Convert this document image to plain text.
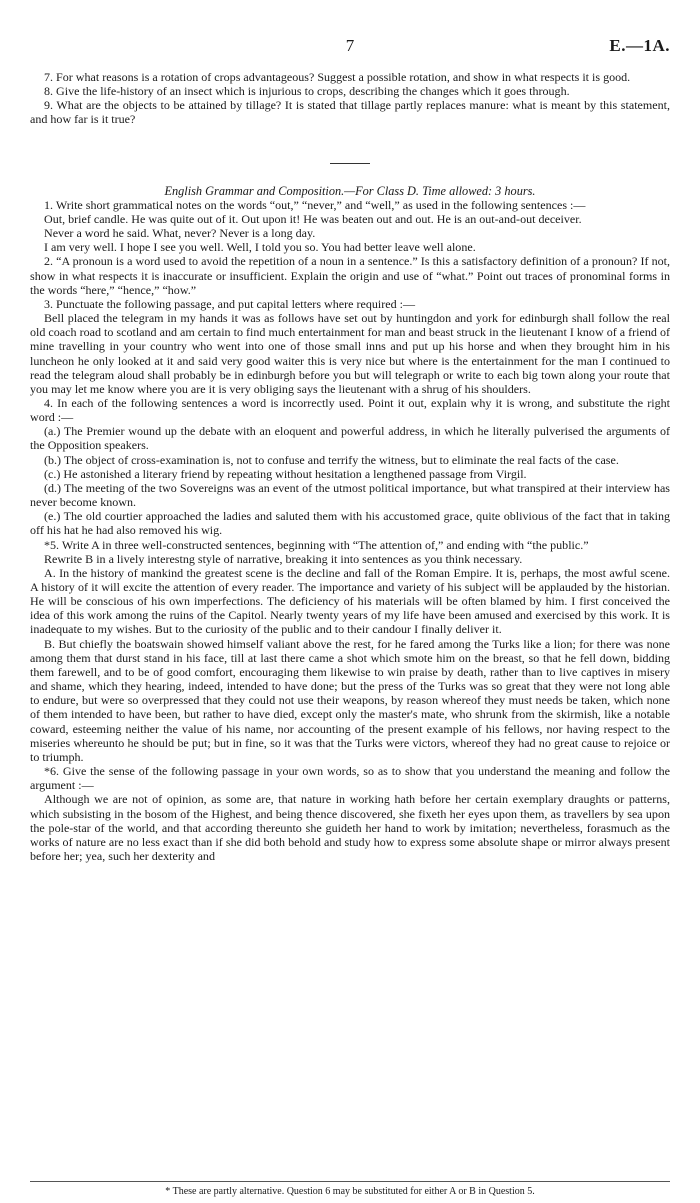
7	E.—1A.

7. For what reasons is a rotation of crops advantageous? Suggest a possible rotation, and show in what respects it is good.

8. Give the life-history of an insect which is injurious to crops, describing the changes which it goes through.

9. What are the objects to be attained by tillage? It is stated that tillage partly replaces manure: what is meant by this statement, and how far is it true?

English Grammar and Composition.—For Class D. Time allowed: 3 hours.

1. Write short grammatical notes on the words “out,” “never,” and “well,” as used in the following sentences :—

Out, brief candle. He was quite out of it. Out upon it! He was beaten out and out. He is an out-and-out deceiver.

Never a word he said. What, never? Never is a long day.

I am very well. I hope I see you well. Well, I told you so. You had better leave well alone.

2. “A pronoun is a word used to avoid the repetition of a noun in a sentence.” Is this a satisfactory definition of a pronoun? If not, show in what respects it is inaccurate or insufficient. Explain the origin and use of “what.” Point out traces of pronominal forms in the words “here,” “hence,” “how.”

3. Punctuate the following passage, and put capital letters where required :—

Bell placed the telegram in my hands it was as follows have set out by huntingdon and york for edinburgh shall follow the real old coach road to scotland and am certain to find much entertainment for man and beast struck in the lieutenant I know of a friend of mine travelling in your country who went into one of those small inns and put up his horse and when they brought him in his luncheon he only looked at it and said very good waiter this is very nice but where is the entertainment for the man I continued to read the telegram aloud shall probably be in edinburgh before you but will telegraph or write to each big town along your route that you may let me know where you are it is very obliging says the lieutenant with a shrug of his shoulders.

4. In each of the following sentences a word is incorrectly used. Point it out, explain why it is wrong, and substitute the right word :—

(a.) The Premier wound up the debate with an eloquent and powerful address, in which he literally pulverised the arguments of the Opposition speakers.

(b.) The object of cross-examination is, not to confuse and terrify the witness, but to eliminate the real facts of the case.

(c.) He astonished a literary friend by repeating without hesitation a lengthened passage from Virgil.

(d.) The meeting of the two Sovereigns was an event of the utmost political importance, but what transpired at their interview has never become known.

(e.) The old courtier approached the ladies and saluted them with his accustomed grace, quite oblivious of the fact that in taking off his hat he had also removed his wig.

*5. Write A in three well-constructed sentences, beginning with “The attention of,” and ending with “the public.”

Rewrite B in a lively interestng style of narrative, breaking it into sentences as you think necessary.

A. In the history of mankind the greatest scene is the decline and fall of the Roman Empire. It is, perhaps, the most awful scene. A history of it will excite the attention of every reader. The importance and variety of his subject will be applauded by the historian. He will be conscious of his own imperfections. The deficiency of his materials will be often blamed by him. I first conceived the idea of this work among the ruins of the Capitol. Nearly twenty years of my life have been amused and exercised by this work. It is inadequate to my wishes. But to the curiosity of the public and to their candour I finally deliver it.

B. But chiefly the boatswain showed himself valiant above the rest, for he fared among the Turks like a lion; for there was none among them that durst stand in his face, till at last there came a shot which smote him on the breast, so that he fell down, bidding them farewell, and to be of good comfort, encouraging them likewise to win praise by death, rather than to live captives in misery and shame, which they hearing, indeed, intended to have done; but the press of the Turks was so great that they were not long able to endure, but were so overpressed that they could not use their weapons, by reason whereof they must needs be taken, which none of them intended to have been, but rather to have died, except only the master's mate, who shrunk from the skirmish, like a notable coward, esteeming neither the value of his name, nor accounting of the present example of his fellows, nor having respect to the miseries whereunto he should be put; but in fine, so it was that the Turks were victors, whereof they had no great cause to rejoice or to triumph.

*6. Give the sense of the following passage in your own words, so as to show that you understand the meaning and follow the argument :—

Although we are not of opinion, as some are, that nature in working hath before her certain exemplary draughts or patterns, which subsisting in the bosom of the Highest, and being thence discovered, she fixeth her eyes upon them, as travellers by sea upon the pole-star of the world, and that according thereunto she guideth her hand to work by imitation; nevertheless, forasmuch as the works of nature are no less exact than if she did both behold and study how to express some absolute shape or mirror always present before her; yea, such her dexterity and

* These are partly alternative. Question 6 may be substituted for either A or B in Question 5.
